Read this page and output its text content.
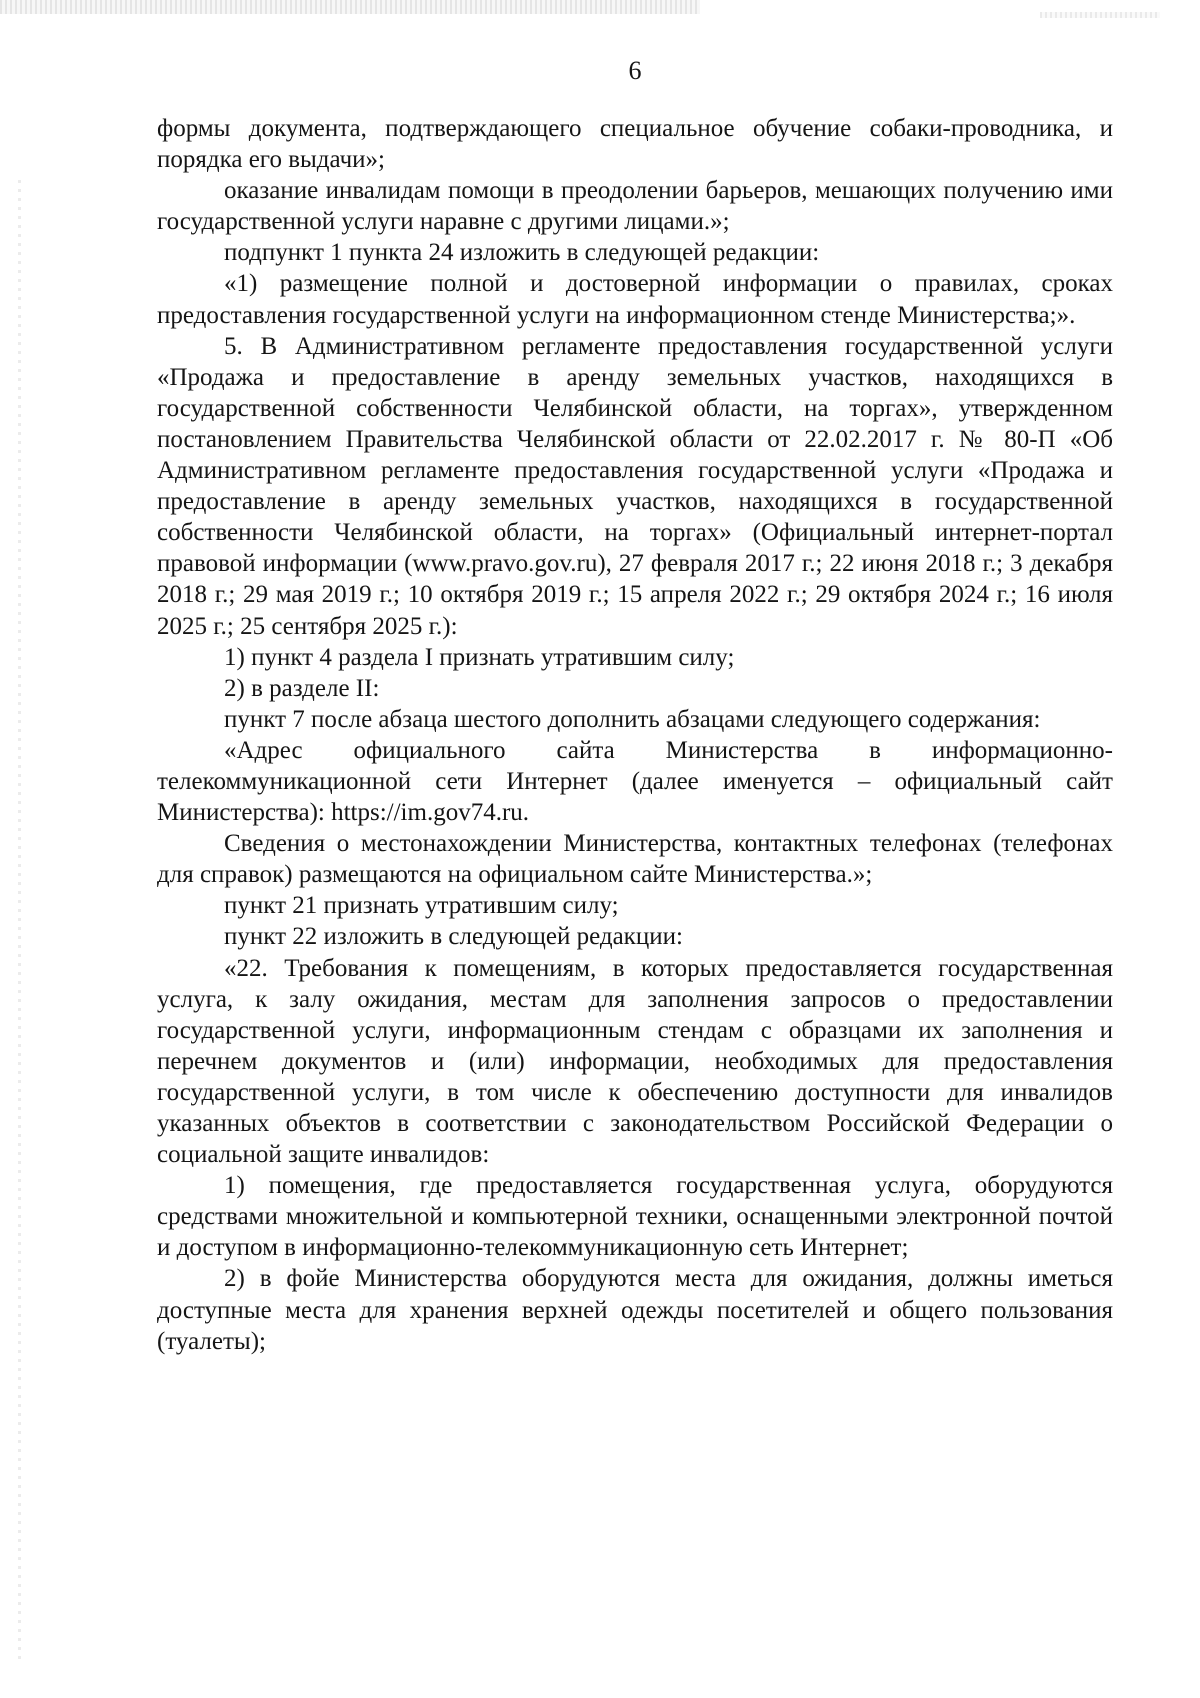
6

формы документа, подтверждающего специальное обучение собаки-проводника, и порядка его выдачи»;

оказание инвалидам помощи в преодолении барьеров, мешающих получению ими государственной услуги наравне с другими лицами.»;

подпункт 1 пункта 24 изложить в следующей редакции:

«1) размещение полной и достоверной информации о правилах, сроках предоставления государственной услуги на информационном стенде Министерства;».

5. В Административном регламенте предоставления государственной услуги «Продажа и предоставление в аренду земельных участков, находящихся в государственной собственности Челябинской области, на торгах», утвержденном постановлением Правительства Челябинской области от 22.02.2017 г. № 80-П «Об Административном регламенте предоставления государственной услуги «Продажа и предоставление в аренду земельных участков, находящихся в государственной собственности Челябинской области, на торгах» (Официальный интернет-портал правовой информации (www.pravo.gov.ru), 27 февраля 2017 г.; 22 июня 2018 г.; 3 декабря 2018 г.; 29 мая 2019 г.; 10 октября 2019 г.; 15 апреля 2022 г.; 29 октября 2024 г.; 16 июля 2025 г.; 25 сентября 2025 г.):

1) пункт 4 раздела I признать утратившим силу;

2) в разделе II:

пункт 7 после абзаца шестого дополнить абзацами следующего содержания:

«Адрес официального сайта Министерства в информационно-телекоммуникационной сети Интернет (далее именуется – официальный сайт Министерства): https://im.gov74.ru.

Сведения о местонахождении Министерства, контактных телефонах (телефонах для справок) размещаются на официальном сайте Министерства.»;

пункт 21 признать утратившим силу;

пункт 22 изложить в следующей редакции:

«22. Требования к помещениям, в которых предоставляется государственная услуга, к залу ожидания, местам для заполнения запросов о предоставлении государственной услуги, информационным стендам с образцами их заполнения и перечнем документов и (или) информации, необходимых для предоставления государственной услуги, в том числе к обеспечению доступности для инвалидов указанных объектов в соответствии с законодательством Российской Федерации о социальной защите инвалидов:

1) помещения, где предоставляется государственная услуга, оборудуются средствами множительной и компьютерной техники, оснащенными электронной почтой и доступом в информационно-телекоммуникационную сеть Интернет;

2) в фойе Министерства оборудуются места для ожидания, должны иметься доступные места для хранения верхней одежды посетителей и общего пользования (туалеты);
